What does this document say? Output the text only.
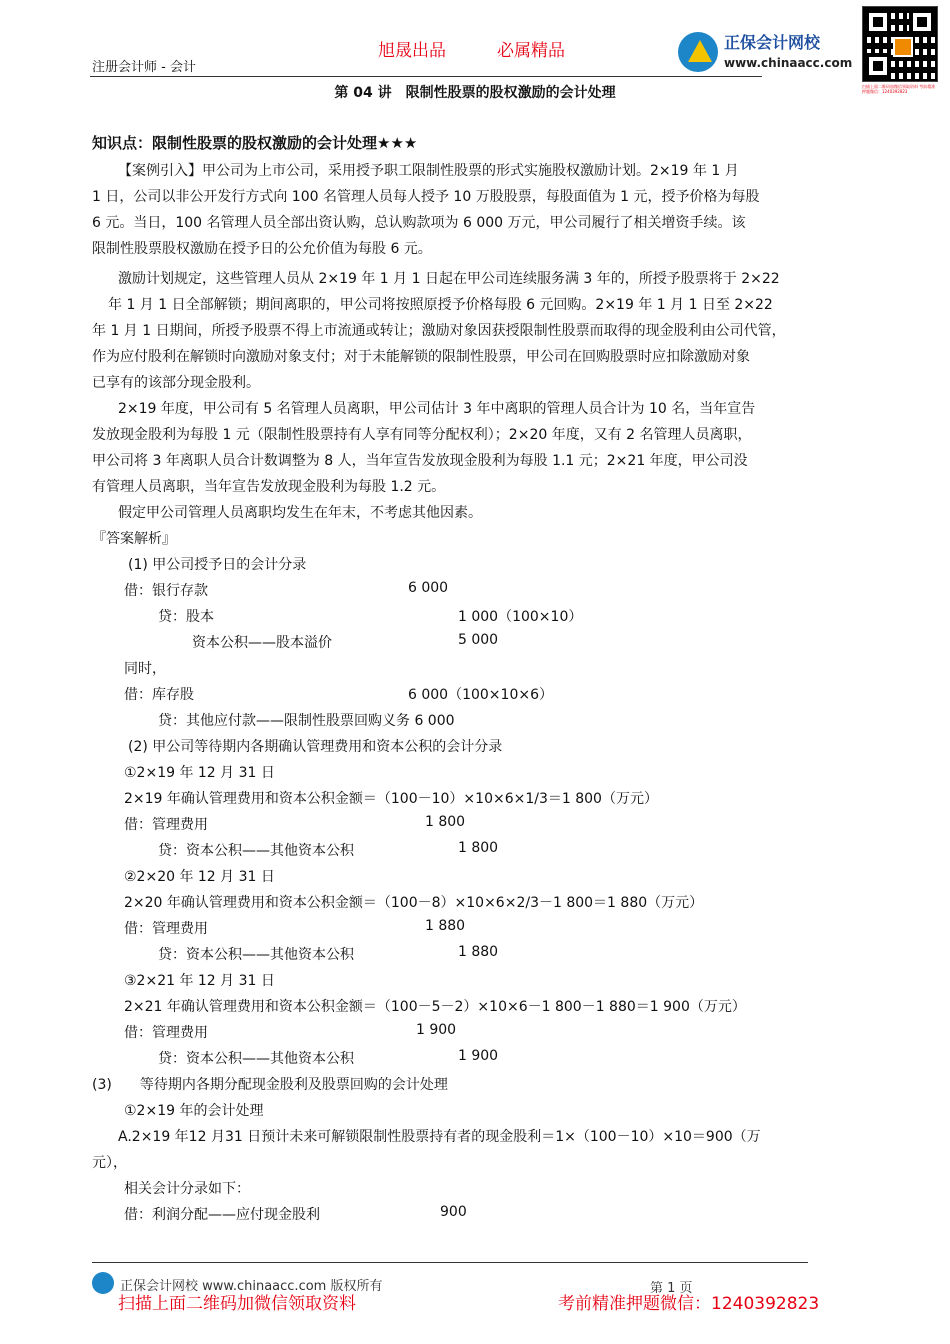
注册会计师 - 会计
旭晟出品	必属精品	正保会计网校
www.chinaacc.com
扫描上面二维码加微信领取资料 考前精准押题微信：1240392823
第 04 讲　限制性股票的股权激励的会计处理
知识点：限制性股票的股权激励的会计处理★★★
【案例引入】甲公司为上市公司，采用授予职工限制性股票的形式实施股权激励计划。2×19 年 1 月
1 日，公司以非公开发行方式向 100 名管理人员每人授予 10 万股股票，每股面值为 1 元，授予价格为每股
6 元。当日，100 名管理人员全部出资认购，总认购款项为 6 000 万元，甲公司履行了相关增资手续。该
限制性股票股权激励在授予日的公允价值为每股 6 元。
激励计划规定，这些管理人员从 2×19 年 1 月 1 日起在甲公司连续服务满 3 年的，所授予股票将于 2×22
年 1 月 1 日全部解锁；期间离职的，甲公司将按照原授予价格每股 6 元回购。2×19 年 1 月 1 日至 2×22
年 1 月 1 日期间，所授予股票不得上市流通或转让；激励对象因获授限制性股票而取得的现金股利由公司代管，
作为应付股利在解锁时向激励对象支付；对于未能解锁的限制性股票，甲公司在回购股票时应扣除激励对象
已享有的该部分现金股利。
2×19 年度，甲公司有 5 名管理人员离职，甲公司估计 3 年中离职的管理人员合计为 10 名，当年宣告
发放现金股利为每股 1 元（限制性股票持有人享有同等分配权利）；2×20 年度，又有 2 名管理人员离职，
甲公司将 3 年离职人员合计数调整为 8 人，当年宣告发放现金股利为每股 1.1 元；2×21 年度，甲公司没
有管理人员离职，当年宣告发放现金股利为每股 1.2 元。
假定甲公司管理人员离职均发生在年末，不考虑其他因素。
『答案解析』
(1) 甲公司授予日的会计分录
借：银行存款	6 000
贷：股本	1 000（100×10）
资本公积——股本溢价	5 000
同时，
借：库存股	6 000（100×10×6）
贷：其他应付款——限制性股票回购义务 6 000
(2) 甲公司等待期内各期确认管理费用和资本公积的会计分录
①2×19 年 12 月 31 日
2×19 年确认管理费用和资本公积金额＝（100－10）×10×6×1/3＝1 800（万元）
借：管理费用	1 800
贷：资本公积——其他资本公积	1 800
②2×20 年 12 月 31 日
2×20 年确认管理费用和资本公积金额＝（100－8）×10×6×2/3－1 800＝1 880（万元）
借：管理费用	1 880
贷：资本公积——其他资本公积	1 880
③2×21 年 12 月 31 日
2×21 年确认管理费用和资本公积金额＝（100－5－2）×10×6－1 800－1 880＝1 900（万元）
借：管理费用	1 900
贷：资本公积——其他资本公积	1 900
(3)　　等待期内各期分配现金股利及股票回购的会计处理
①2×19 年的会计处理
A.2×19 年12 月31 日预计未来可解锁限制性股票持有者的现金股利＝1×（100－10）×10＝900（万
元），
相关会计分录如下：
借：利润分配——应付现金股利	900
正保会计网校 www.chinaacc.com 版权所有	第 1 页
扫描上面二维码加微信领取资料	考前精准押题微信：1240392823
